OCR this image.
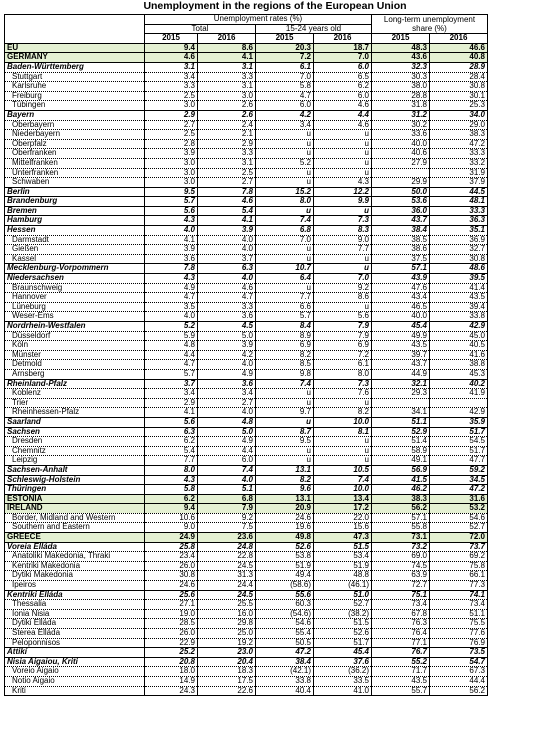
Unemployment in the regions of the European Union
	Unemployment rates (%)				Long-term unemployment share (%)	
	Total		15-24 years old			
	2015	2016	2015	2016	2015	2016
EU	9.4	8.6	20.3	18.7	48.3	46.6
GERMANY	4.6	4.1	7.2	7.0	43.6	40.8
Baden-Württemberg	3.1	3.1	6.1	6.0	32.3	28.9
Stuttgart	3.4	3.3	7.0	6.5	30.3	28.4
Karlsruhe	3.3	3.1	5.8	6.2	38.0	30.8
Freiburg	2.5	3.0	4.7	6.0	28.8	30.1
Tübingen	3.0	2.6	6.0	4.6	31.8	25.3
Bayern	2.9	2.6	4.2	4.4	31.2	34.0
Oberbayern	2.7	2.4	3.4	4.6	30.2	29.0
Niederbayern	2.5	2.1	u	u	33.6	38.3
Oberpfalz	2.8	2.9	u	u	40.0	47.2
Oberfranken	3.9	3.3	u	u	40.6	33.3
Mittelfranken	3.0	3.1	5.2	u	27.9	33.2
Unterfranken	3.0	2.5	u	u		31.9
Schwaben	3.0	2.7	u	4.3	29.9	37.9
Berlin	9.5	7.8	15.2	12.2	50.0	44.5
Brandenburg	5.7	4.6	8.0	9.9	53.6	48.1
Bremen	5.6	5.4	u	u	36.0	33.3
Hamburg	4.3	4.1	7.4	7.3	43.7	36.3
Hessen	4.0	3.9	6.8	8.3	38.4	35.1
Darmstadt	4.1	4.0	7.0	9.0	38.5	36.9
Gießen	3.9	4.0	u	7.7	38.6	32.7
Kassel	3.6	3.7	u	u	37.5	30.8
Mecklenburg-Vorpommern	7.8	6.3	10.7	u	57.1	48.6
Niedersachsen	4.3	4.0	6.4	7.0	43.9	39.5
Braunschweig	4.9	4.6	u	9.2	47.6	41.4
Hannover	4.7	4.7	7.7	8.6	43.4	43.5
Lüneburg	3.5	3.3	6.6	u	46.5	39.4
Weser-Ems	4.0	3.6	5.7	5.6	40.0	33.8
Nordrhein-Westfalen	5.2	4.5	8.4	7.9	45.4	42.9
Düsseldorf	5.9	5.0	8.9	7.9	49.9	45.0
Köln	4.8	3.9	6.9	6.9	43.5	40.5
Münster	4.4	4.2	8.2	7.2	39.7	41.6
Detmold	4.7	4.0	8.5	6.1	43.7	38.8
Arnsberg	5.7	4.9	9.8	8.0	44.9	45.3
Rheinland-Pfalz	3.7	3.6	7.4	7.3	32.1	40.2
Koblenz	3.4	3.4	u	7.6	29.3	41.9
Trier	2.9	2.7	u	u		
Rheinhessen-Pfalz	4.1	4.0	9.7	8.2	34.1	42.9
Saarland	5.6	4.8	u	10.0	51.1	35.9
Sachsen	6.3	5.0	8.7	8.1	52.9	51.7
Dresden	6.2	4.9	9.5	u	51.4	54.5
Chemnitz	5.4	4.4	u	u	58.9	51.7
Leipzig	7.7	6.0	u	u	49.1	47.7
Sachsen-Anhalt	8.0	7.4	13.1	10.5	56.9	59.2
Schleswig-Holstein	4.3	4.0	8.2	7.4	41.5	34.5
Thüringen	5.8	5.1	9.6	10.0	46.2	47.2
ESTONIA	6.2	6.8	13.1	13.4	38.3	31.6
IRELAND	9.4	7.9	20.9	17.2	56.2	53.2
Border, Midland and Western	10.6	9.2	24.6	22.0	57.1	54.6
Southern and Eastern	9.0	7.5	19.6	15.6	55.8	52.7
GREECE	24.9	23.6	49.8	47.3	73.1	72.0
Voreia Elláda	25.8	24.8	52.6	51.5	73.2	73.7
Anatoliki Makedonia, Thraki	23.4	22.8	53.8	53.4	69.0	69.2
Kentriki Makedonia	26.0	24.5	51.9	51.9	74.5	75.8
Dytiki Makedonia	30.8	31.3	49.4	48.8	63.9	66.1
Ipeiros	24.6	24.4	(58.6)	(46.1)	72.7	77.3
Kentriki Elláda	25.6	24.5	55.6	51.0	75.1	74.1
Thessalia	27.1	25.5	60.3	52.7	73.4	73.4
Ionia Nisia	19.0	16.0	(54.6)	(38.2)	67.8	51.1
Dytiki Elláda	28.5	29.8	54.6	51.5	76.3	75.5
Sterea Elláda	26.0	25.0	55.4	52.6	76.4	77.6
Peloponnisos	22.9	19.2	50.5	51.7	77.1	76.9
Attikí	25.2	23.0	47.2	45.4	76.7	73.5
Nisia Aigaiou, Kriti	20.8	20.4	38.4	37.6	55.2	54.7
Voreio Aigaio	18.0	18.3	(42.1)	(36.2)	71.7	67.3
Notio Aigaio	14.9	17.5	33.8	33.5	43.5	44.4
Kriti	24.3	22.6	40.4	41.0	55.7	56.2
